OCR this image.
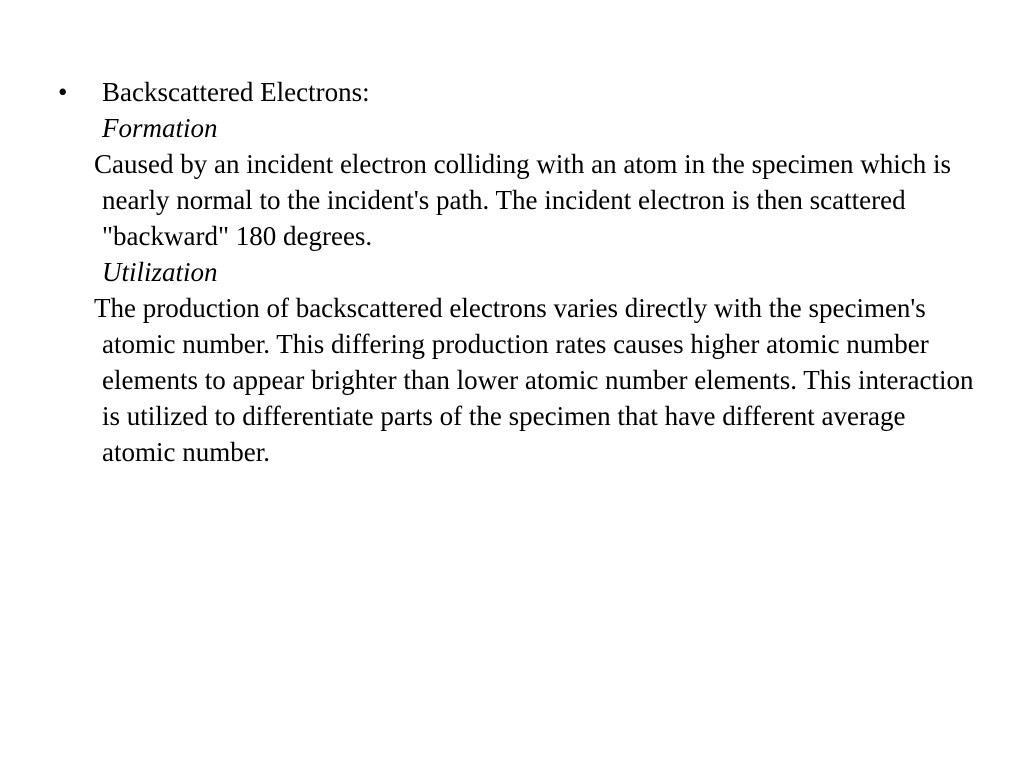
• Backscattered Electrons:

Formation

Caused by an incident electron colliding with an atom in the specimen which is nearly normal to the incident's path. The incident electron is then scattered "backward" 180 degrees.

Utilization

The production of backscattered electrons varies directly with the specimen's atomic number. This differing production rates causes higher atomic number elements to appear brighter than lower atomic number elements. This interaction is utilized to differentiate parts of the specimen that have different average atomic number.
